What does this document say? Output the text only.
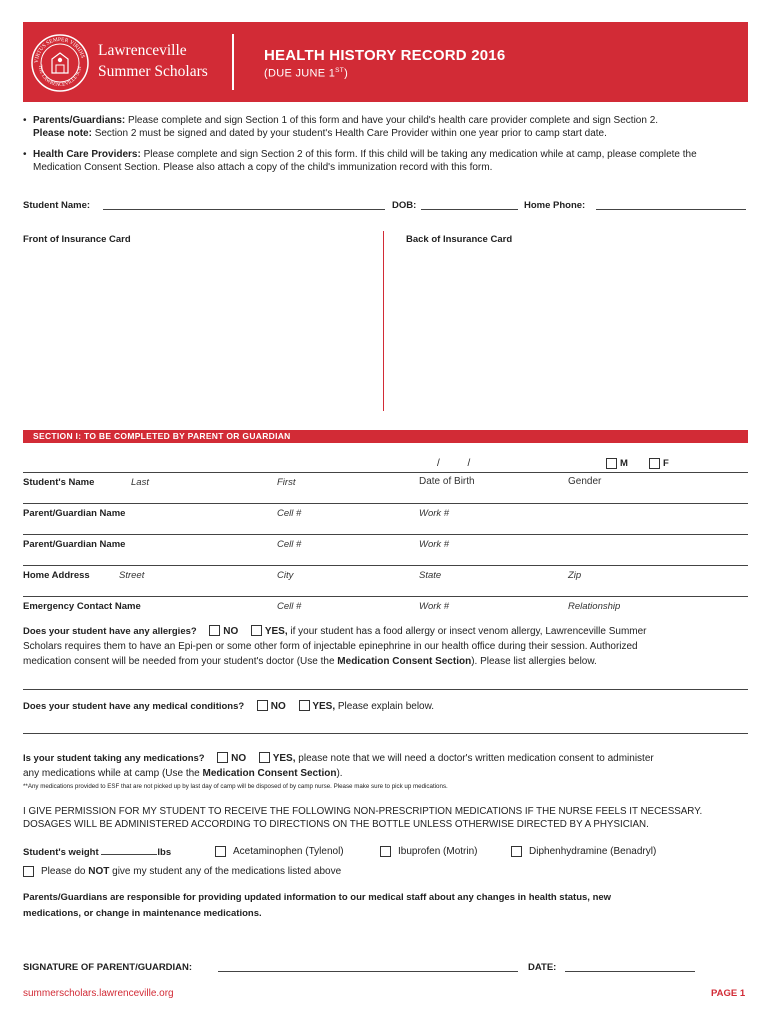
VIRTUS SEMPER VIRIDIS
THE LAWRENCEVILLE SCH
Lawrenceville
Summer Scholars
HEALTH HISTORY RECORD 2016
(DUE JUNE 1ST)
• Parents/Guardians: Please complete and sign Section 1 of this form and have your child's health care provider complete and sign Section 2.
Please note: Section 2 must be signed and dated by your student's Health Care Provider within one year prior to camp start date.
• Health Care Providers: Please complete and sign Section 2 of this form. If this child will be taking any medication while at camp, please complete the Medication Consent Section. Please also attach a copy of the child's immunization record with this form.
Student Name:	DOB:	Home Phone:
Front of Insurance Card	Back of Insurance Card
SECTION I: TO BE COMPLETED BY PARENT OR GUARDIAN
/          /	M	F
Student's Name	Last	First	Date of Birth	Gender
Parent/Guardian Name	Cell #	Work #
Parent/Guardian Name	Cell #	Work #
Home Address	Street	City	State	Zip
Emergency Contact Name	Cell #	Work #	Relationship
Does your student have any allergies?	NO	YES, if your student has a food allergy or insect venom allergy, Lawrenceville Summer
Scholars requires them to have an Epi-pen or some other form of injectable epinephrine in our health office during their session. Authorized
medication consent will be needed from your student's doctor (Use the Medication Consent Section). Please list allergies below.
Does your student have any medical conditions?	NO	YES, Please explain below.
Is your student taking any medications?	NO	YES, please note that we will need a doctor's written medication consent to administer
any medications while at camp (Use the Medication Consent Section).
**Any medications provided to ESF that are not picked up by last day of camp will be disposed of by camp nurse. Please make sure to pick up medications.
I GIVE PERMISSION FOR MY STUDENT TO RECEIVE THE FOLLOWING NON-PRESCRIPTION MEDICATIONS IF THE NURSE FEELS IT NECESSARY.
DOSAGES WILL BE ADMINISTERED ACCORDING TO DIRECTIONS ON THE BOTTLE UNLESS OTHERWISE DIRECTED BY A PHYSICIAN.
Student's weight	lbs	Acetaminophen (Tylenol)	Ibuprofen (Motrin)	Diphenhydramine (Benadryl)
Please do NOT give my student any of the medications listed above
Parents/Guardians are responsible for providing updated information to our medical staff about any changes in health status, new
medications, or change in maintenance medications.
SIGNATURE OF PARENT/GUARDIAN:	DATE:
summerscholars.lawrenceville.org	PAGE 1
